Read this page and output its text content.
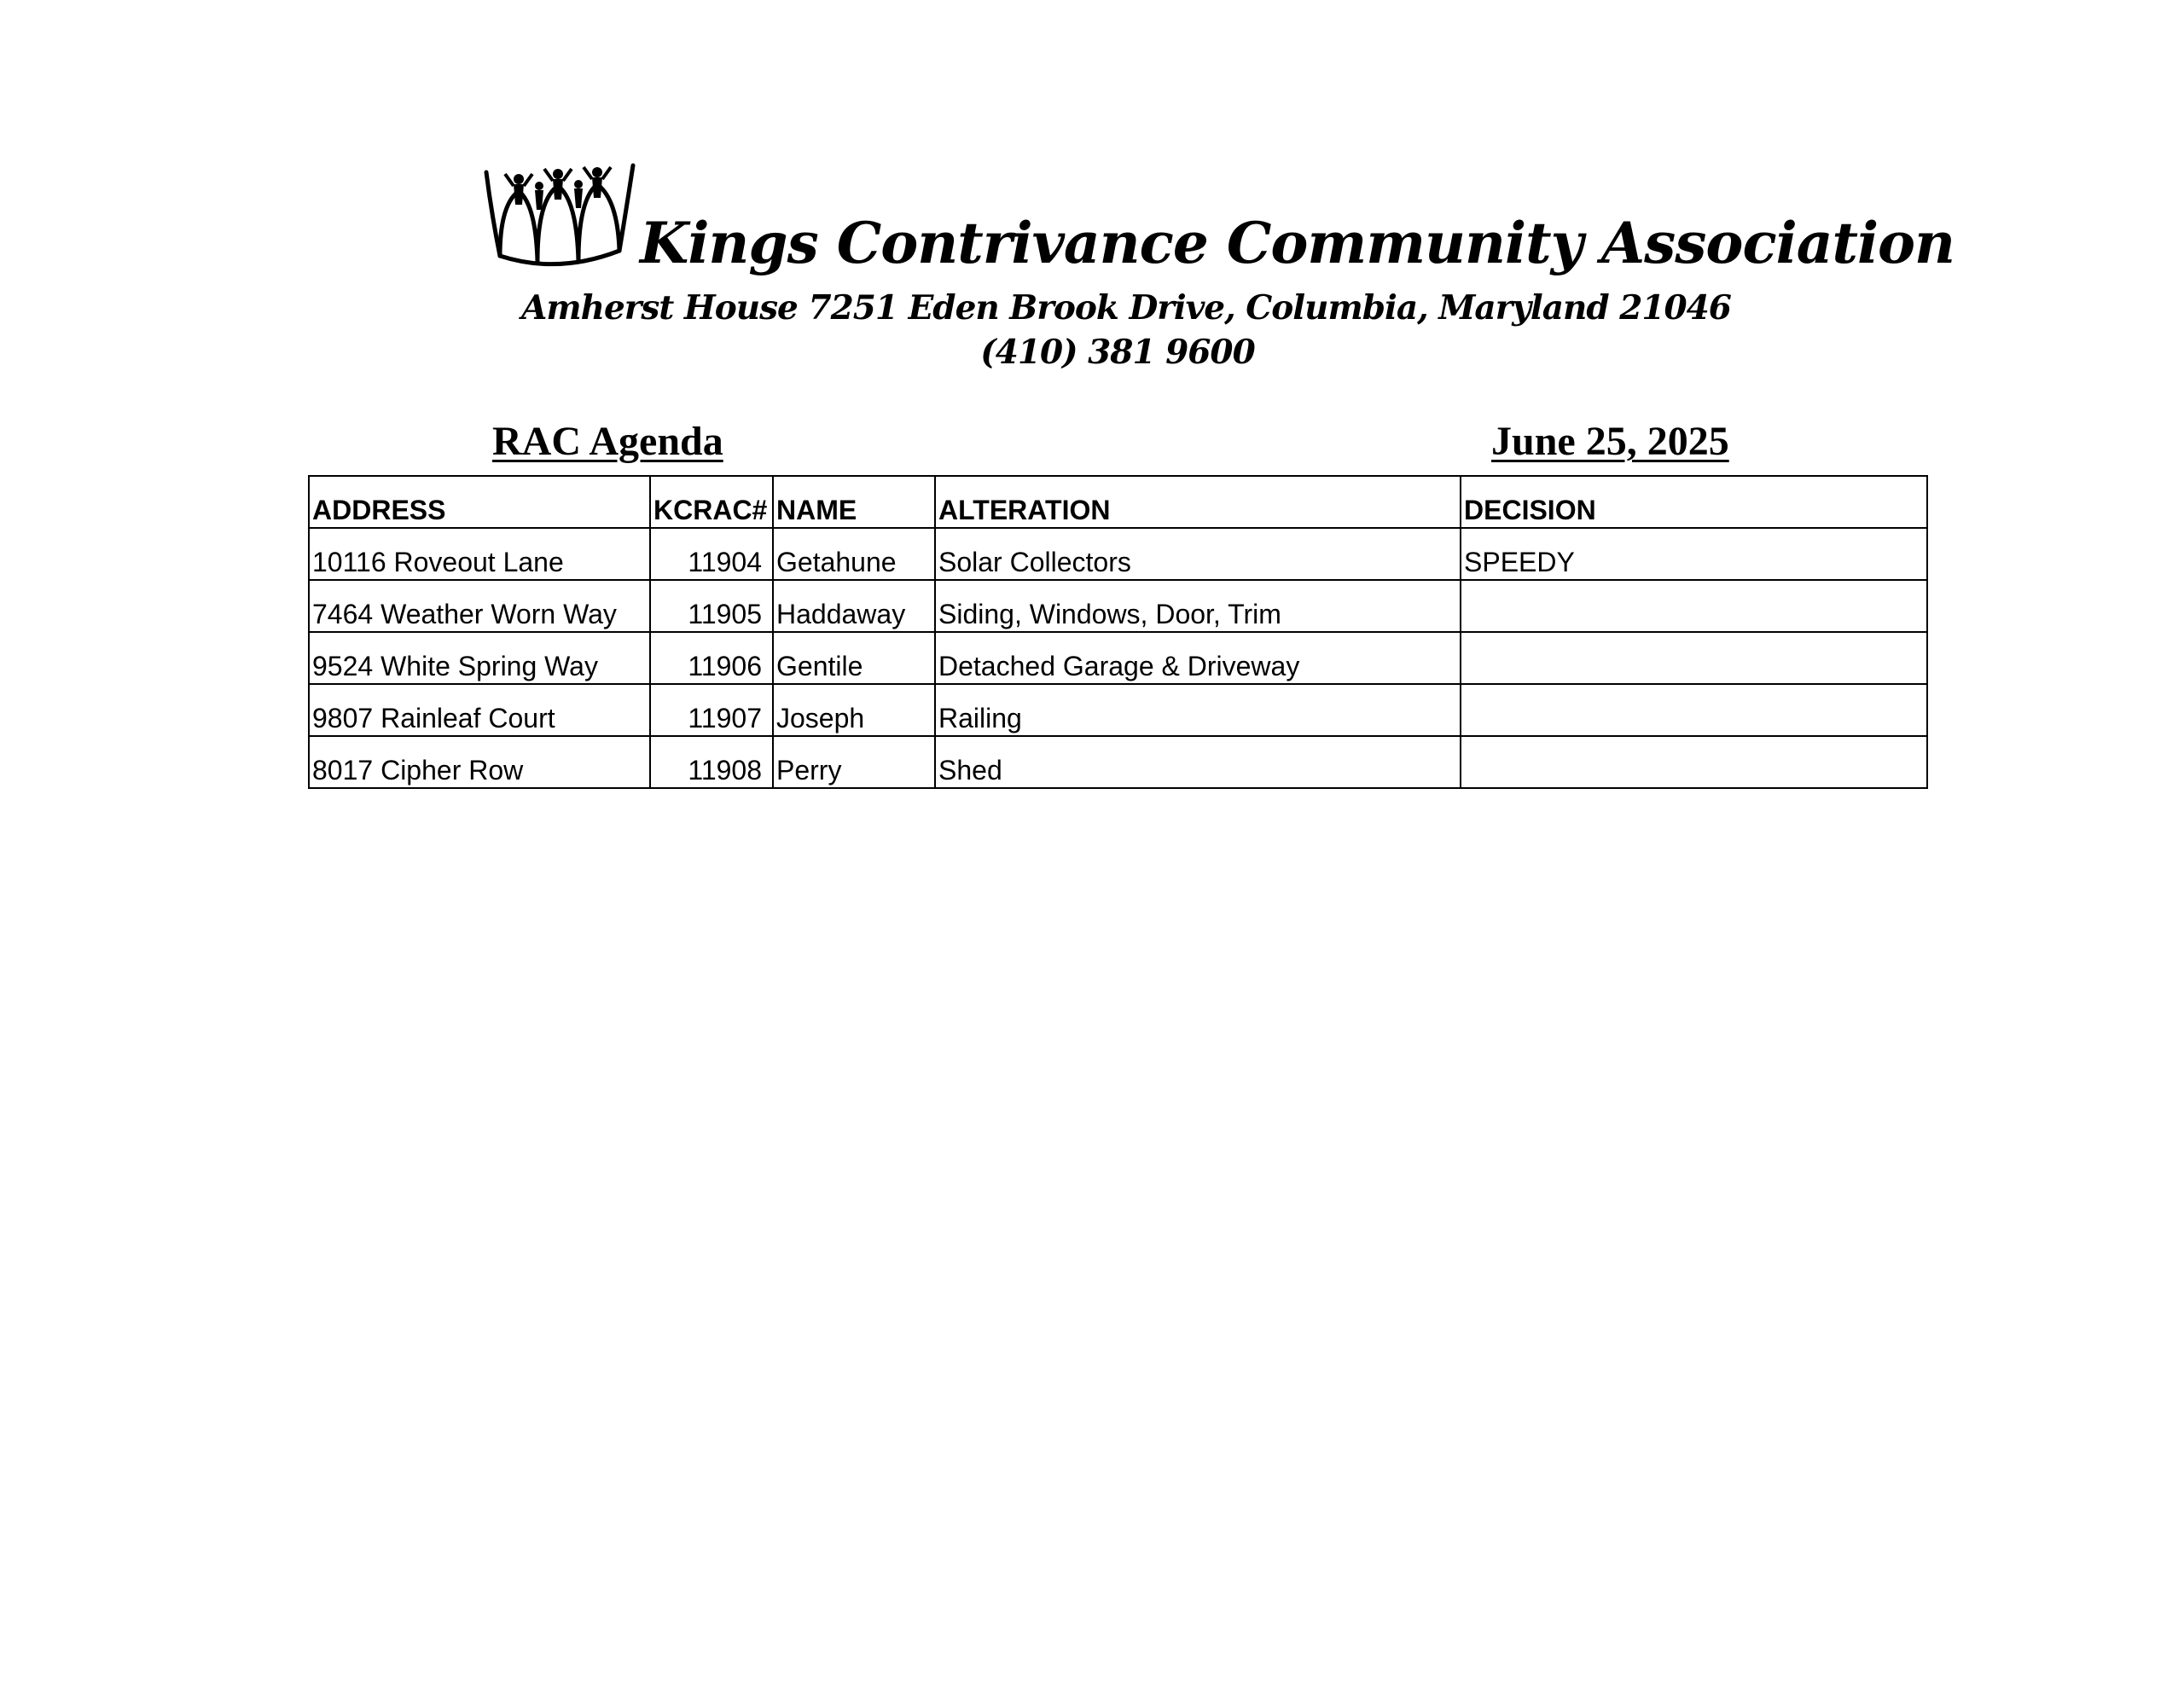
Kings Contrivance Community Association
Amherst House 7251 Eden Brook Drive, Columbia, Maryland 21046
(410) 381 9600
RAC Agenda	June 25, 2025
ADDRESS	KCRAC#	NAME	ALTERATION	DECISION
10116 Roveout Lane	11904	Getahune	Solar Collectors	SPEEDY
7464 Weather Worn Way	11905	Haddaway	Siding, Windows, Door, Trim	
9524 White Spring Way	11906	Gentile	Detached Garage & Driveway	
9807 Rainleaf Court	11907	Joseph	Railing	
8017 Cipher Row	11908	Perry	Shed	
